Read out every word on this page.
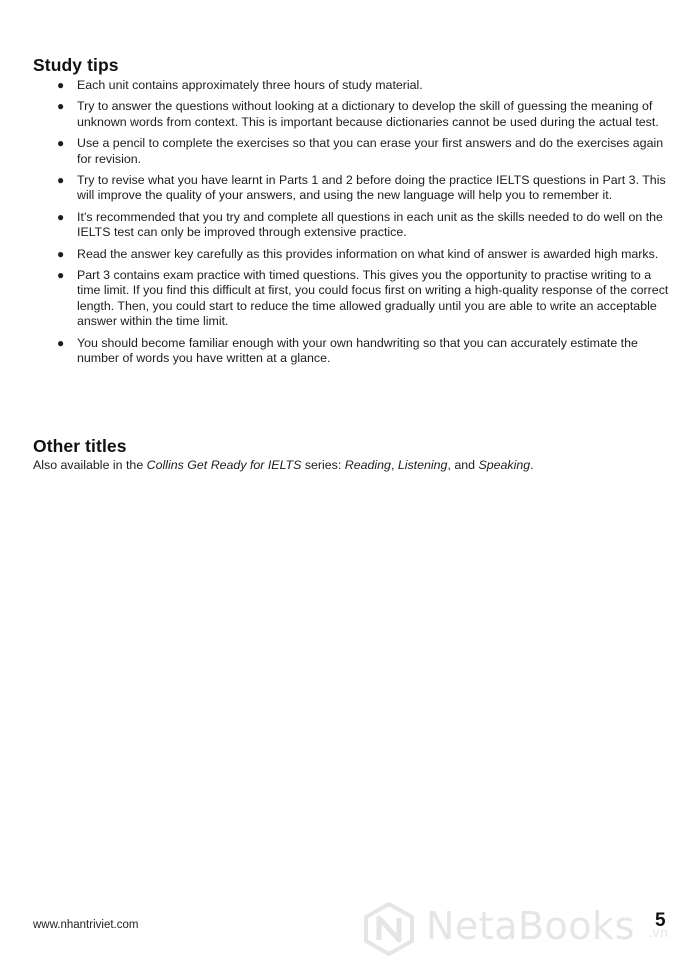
Study tips
● Each unit contains approximately three hours of study material.
● Try to answer the questions without looking at a dictionary to develop the skill of guessing the meaning of unknown words from context. This is important because dictionaries cannot be used during the actual test.
● Use a pencil to complete the exercises so that you can erase your first answers and do the exercises again for revision.
● Try to revise what you have learnt in Parts 1 and 2 before doing the practice IELTS questions in Part 3. This will improve the quality of your answers, and using the new language will help you to remember it.
● It’s recommended that you try and complete all questions in each unit as the skills needed to do well on the IELTS test can only be improved through extensive practice.
● Read the answer key carefully as this provides information on what kind of answer is awarded high marks.
● Part 3 contains exam practice with timed questions. This gives you the opportunity to practise writing to a time limit. If you find this difficult at first, you could focus first on writing a high-quality response of the correct length. Then, you could start to reduce the time allowed gradually until you are able to write an acceptable answer within the time limit.
● You should become familiar enough with your own handwriting so that you can accurately estimate the number of words you have written at a glance.
Other titles

Also available in the Collins Get Ready for IELTS series: Reading, Listening, and Speaking.

www.nhantriviet.com	NetaBooks .vn
5
